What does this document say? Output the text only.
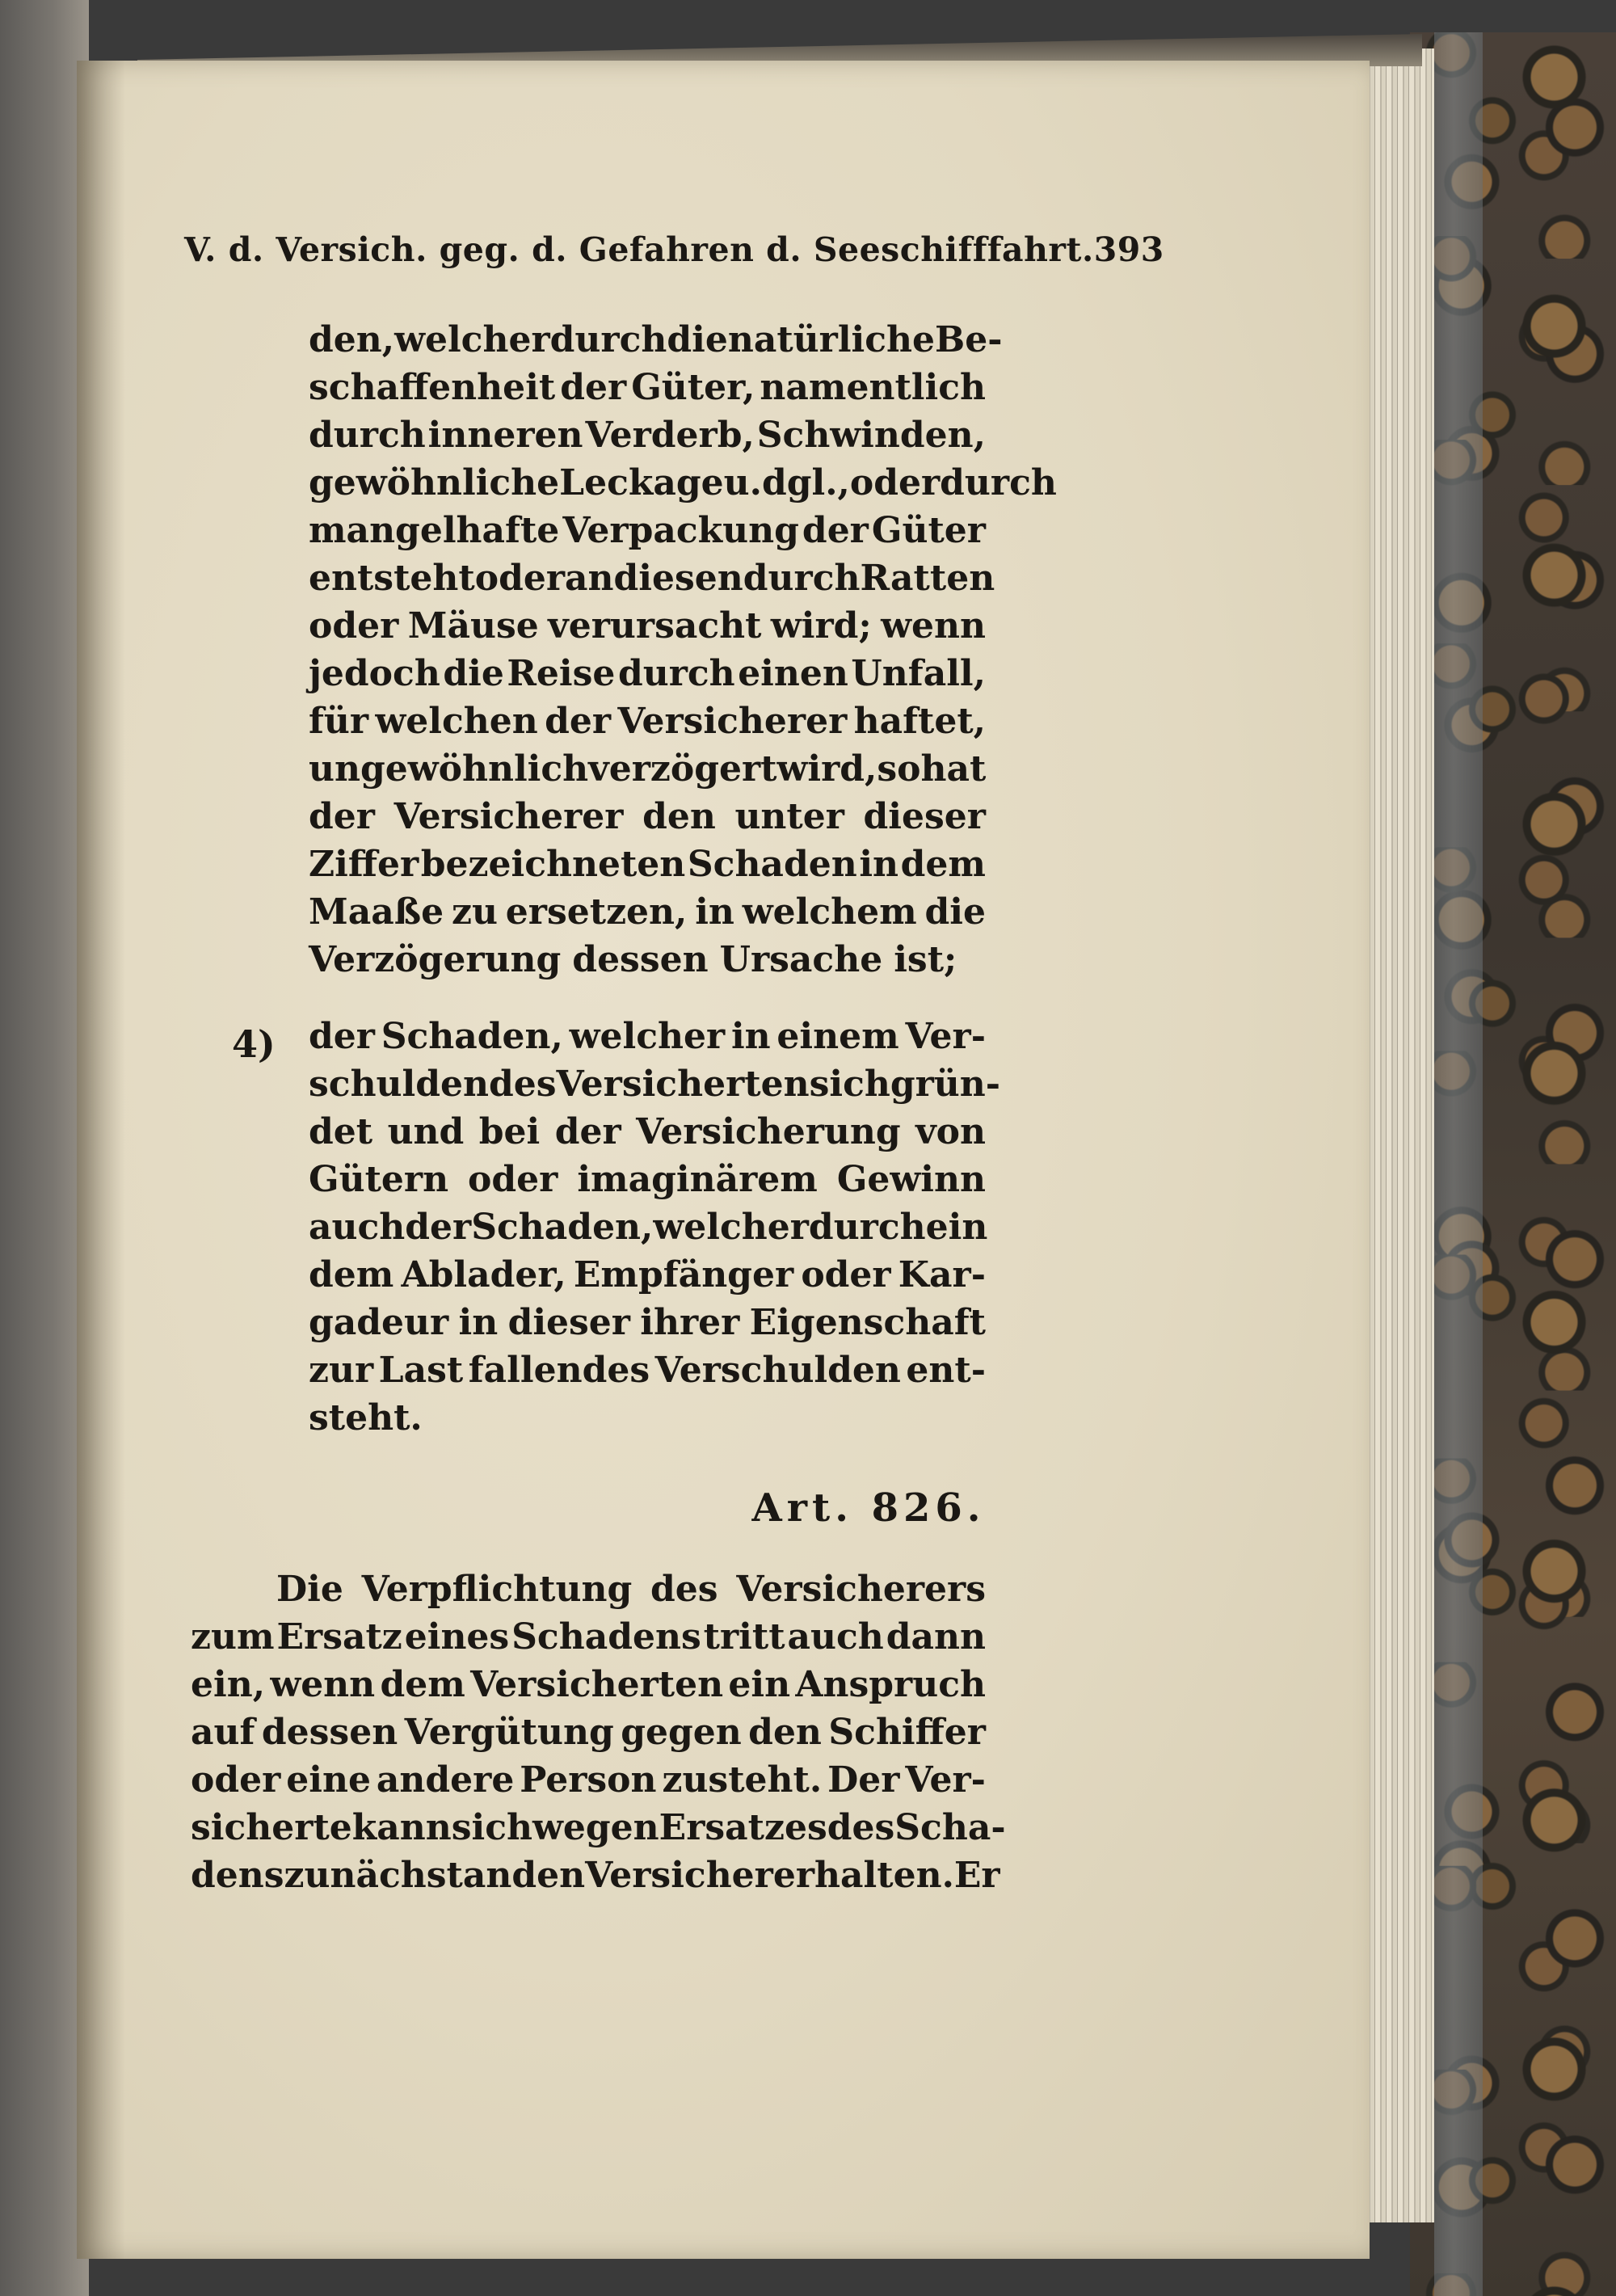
V. d. Versich. geg. d. Gefahren d. Seeschifffahrt. 393
den, welcher durch die natürliche Be-
schaffenheit der Güter, namentlich
durch inneren Verderb, Schwinden,
gewöhnliche Leckage u. dgl., oder durch
mangelhafte Verpackung der Güter
entsteht oder an diesen durch Ratten
oder Mäuse verursacht wird; wenn
jedoch die Reise durch einen Unfall,
für welchen der Versicherer haftet,
ungewöhnlich verzögert wird, so hat
der Versicherer den unter dieser
Ziffer bezeichneten Schaden in dem
Maaße zu ersetzen, in welchem die
Verzögerung dessen Ursache ist;
4) der Schaden, welcher in einem Ver-
schulden des Versicherten sich grün-
det und bei der Versicherung von
Gütern oder imaginärem Gewinn
auch der Schaden, welcher durch ein
dem Ablader, Empfänger oder Kar-
gadeur in dieser ihrer Eigenschaft
zur Last fallendes Verschulden ent-
steht.
Art. 826.
Die Verpflichtung des Versicherers
zum Ersatz eines Schadens tritt auch dann
ein, wenn dem Versicherten ein Anspruch
auf dessen Vergütung gegen den Schiffer
oder eine andere Person zusteht. Der Ver-
sicherte kann sich wegen Ersatzes des Scha-
dens zunächst an den Versicherer halten. Er
